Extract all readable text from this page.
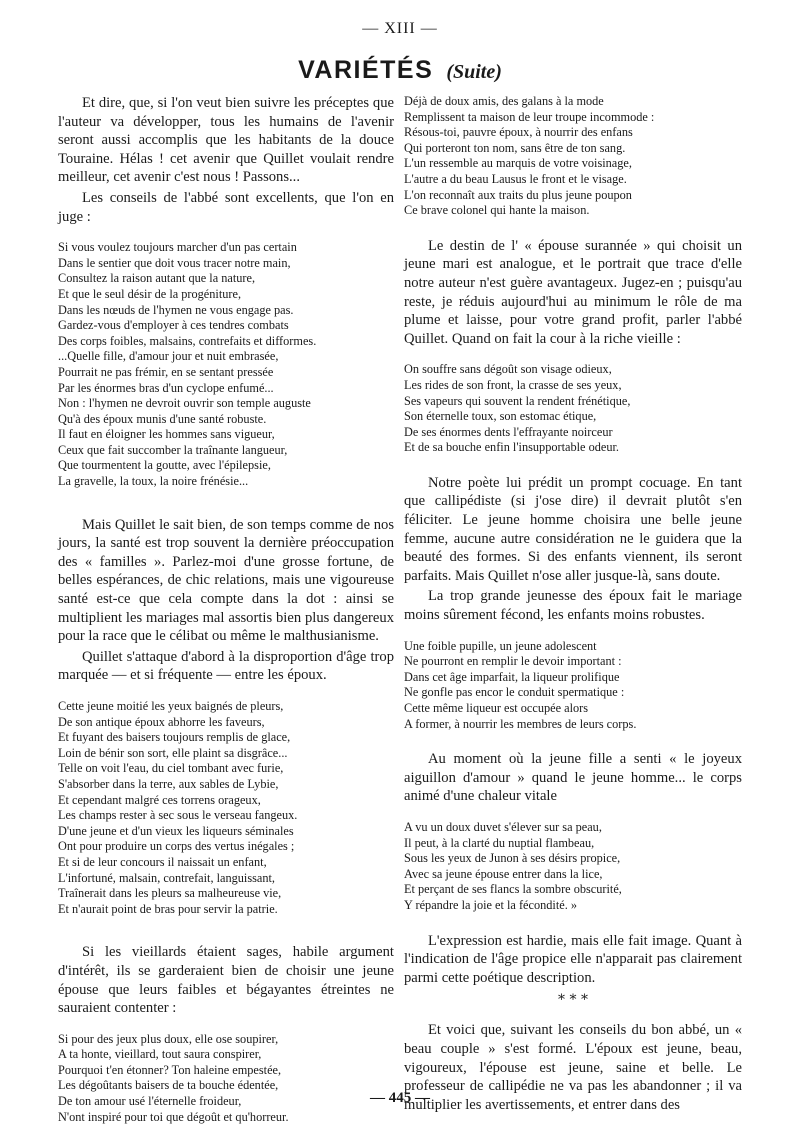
— XIII —
VARIÉTÉS (Suite)

Et dire, que, si l'on veut bien suivre les préceptes que l'auteur va développer, tous les humains de l'avenir seront aussi accomplis que les habitants de la douce Touraine. Hélas ! cet avenir que Quillet voulait rendre meilleur, cet avenir c'est nous ! Passons...

Les conseils de l'abbé sont excellents, que l'on en juge :

Si vous voulez toujours marcher d'un pas certain
Dans le sentier que doit vous tracer notre main,
Consultez la raison autant que la nature,
Et que le seul désir de la progéniture,
Dans les nœuds de l'hymen ne vous engage pas.
Gardez-vous d'employer à ces tendres combats
Des corps foibles, malsains, contrefaits et difformes.
...Quelle fille, d'amour jour et nuit embrasée,
Pourrait ne pas frémir, en se sentant pressée
Par les énormes bras d'un cyclope enfumé...
Non : l'hymen ne devroit ouvrir son temple auguste
Qu'à des époux munis d'une santé robuste.
Il faut en éloigner les hommes sans vigueur,
Ceux que fait succomber la traînante langueur,
Que tourmentent la goutte, avec l'épilepsie,
La gravelle, la toux, la noire frénésie...

Mais Quillet le sait bien, de son temps comme de nos jours, la santé est trop souvent la dernière préoccupation des « familles ». Parlez-moi d'une grosse fortune, de belles espérances, de chic relations, mais une vigoureuse santé est-ce que cela compte dans la dot : ainsi se multiplient les mariages mal assortis bien plus dangereux pour la race que le célibat ou même le malthusianisme.

Quillet s'attaque d'abord à la disproportion d'âge trop marquée — et si fréquente — entre les époux.

Cette jeune moitié les yeux baignés de pleurs,
De son antique époux abhorre les faveurs,
Et fuyant des baisers toujours remplis de glace,
Loin de bénir son sort, elle plaint sa disgrâce...
Telle on voit l'eau, du ciel tombant avec furie,
S'absorber dans la terre, aux sables de Lybie,
Et cependant malgré ces torrens orageux,
Les champs rester à sec sous le verseau fangeux.
D'une jeune et d'un vieux les liqueurs séminales
Ont pour produire un corps des vertus inégales ;
Et si de leur concours il naissait un enfant,
L'infortuné, malsain, contrefait, languissant,
Traînerait dans les pleurs sa malheureuse vie,
Et n'aurait point de bras pour servir la patrie.

Si les vieillards étaient sages, habile argument d'intérêt, ils se garderaient bien de choisir une jeune épouse que leurs faibles et bégayantes étreintes ne sauraient contenter :

Si pour des jeux plus doux, elle ose soupirer,
A ta honte, vieillard, tout saura conspirer,
Pourquoi t'en étonner? Ton haleine empestée,
Les dégoûtants baisers de ta bouche édentée,
De ton amour usé l'éternelle froideur,
N'ont inspiré pour toi que dégoût et qu'horreur.
Déjà de doux amis, des galans à la mode
Remplissent ta maison de leur troupe incommode :
Résous-toi, pauvre époux, à nourrir des enfans
Qui porteront ton nom, sans être de ton sang.
L'un ressemble au marquis de votre voisinage,
L'autre a du beau Lausus le front et le visage.
L'on reconnaît aux traits du plus jeune poupon
Ce brave colonel qui hante la maison.

Le destin de l' « épouse surannée » qui choisit un jeune mari est analogue, et le portrait que trace d'elle notre auteur n'est guère avantageux. Jugez-en ; puisqu'au reste, je réduis aujourd'hui au minimum le rôle de ma plume et laisse, pour votre grand profit, parler l'abbé Quillet. Quand on fait la cour à la riche vieille :

On souffre sans dégoût son visage odieux,
Les rides de son front, la crasse de ses yeux,
Ses vapeurs qui souvent la rendent frénétique,
Son éternelle toux, son estomac étique,
De ses énormes dents l'effrayante noirceur
Et de sa bouche enfin l'insupportable odeur.

Notre poète lui prédit un prompt cocuage. En tant que callipédiste (si j'ose dire) il devrait plutôt s'en féliciter. Le jeune homme choisira une belle jeune femme, aucune autre considération ne le guidera que la beauté des formes. Si des enfants viennent, ils seront parfaits. Mais Quillet n'ose aller jusque-là, sans doute.

La trop grande jeunesse des époux fait le mariage moins sûrement fécond, les enfants moins robustes.

Une foible pupille, un jeune adolescent
Ne pourront en remplir le devoir important :
Dans cet âge imparfait, la liqueur prolifique
Ne gonfle pas encor le conduit spermatique :
Cette même liqueur est occupée alors
A former, à nourrir les membres de leurs corps.

Au moment où la jeune fille a senti « le joyeux aiguillon d'amour » quand le jeune homme... le corps animé d'une chaleur vitale

A vu un doux duvet s'élever sur sa peau,
Il peut, à la clarté du nuptial flambeau,
Sous les yeux de Junon à ses désirs propice,
Avec sa jeune épouse entrer dans la lice,
Et perçant de ses flancs la sombre obscurité,
Y répandre la joie et la fécondité. »

L'expression est hardie, mais elle fait image. Quant à l'indication de l'âge propice elle n'apparait pas clairement parmi cette poétique description.

* * *

Et voici que, suivant les conseils du bon abbé, un « beau couple » s'est formé. L'époux est jeune, beau, vigoureux, l'épouse est jeune, saine et belle. Le professeur de callipédie ne va pas les abandonner ; il va multiplier les avertissements, et entrer dans des

— 445 —
